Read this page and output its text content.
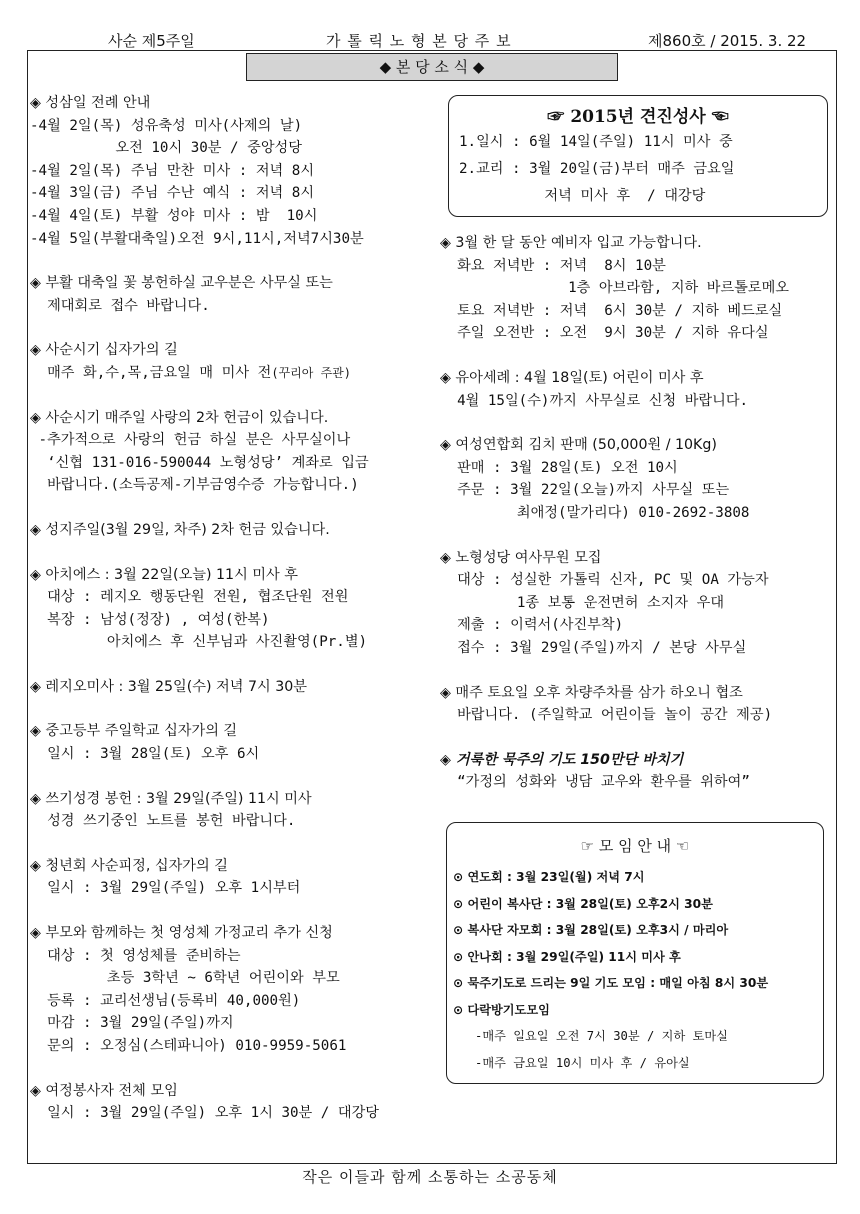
사순 제5주일	가 톨 릭 노 형 본 당 주 보	제860호 / 2015. 3. 22
◆ 본 당 소 식 ◆
◈ 성삼일 전례 안내
-4월 2일(목) 성유축성 미사(사제의 날)
오전 10시 30분 / 중앙성당
-4월 2일(목) 주님 만찬 미사 : 저녁 8시
-4월 3일(금) 주님 수난 예식 : 저녁 8시
-4월 4일(토) 부활 성야 미사 : 밤  10시
-4월 5일(부활대축일)오전 9시,11시,저녁7시30분
◈ 부활 대축일 꽃 봉헌하실 교우분은 사무실 또는
제대회로 접수 바랍니다.
◈ 사순시기 십자가의 길
매주 화,수,목,금요일 매 미사 전(꾸리아 주관)
◈ 사순시기 매주일 사랑의 2차 헌금이 있습니다.
-추가적으로 사랑의 헌금 하실 분은 사무실이나
‘신협 131-016-590044 노형성당’ 계좌로 입금
바랍니다.(소득공제-기부금영수증 가능합니다.)
◈ 성지주일(3월 29일, 차주) 2차 헌금 있습니다.
◈ 아치에스 : 3월 22일(오늘) 11시 미사 후
대상 : 레지오 행동단원 전원, 협조단원 전원
복장 : 남성(정장) , 여성(한복)
아치에스 후 신부님과 사진촬영(Pr.별)
◈ 레지오미사 : 3월 25일(수) 저녁 7시 30분
◈ 중고등부 주일학교 십자가의 길
일시 : 3월 28일(토) 오후 6시
◈ 쓰기성경 봉헌 : 3월 29일(주일) 11시 미사
성경 쓰기중인 노트를 봉헌 바랍니다.
◈ 청년회 사순피정, 십자가의 길
일시 : 3월 29일(주일) 오후 1시부터
◈ 부모와 함께하는 첫 영성체 가정교리 추가 신청
대상 : 첫 영성체를 준비하는
초등 3학년 ~ 6학년 어린이와 부모
등록 : 교리선생님(등록비 40,000원)
마감 : 3월 29일(주일)까지
문의 : 오정심(스테파니아) 010-9959-5061
◈ 여정봉사자 전체 모임
일시 : 3월 29일(주일) 오후 1시 30분 / 대강당
☞ 2015년 견진성사 ☜
1.일시 : 6월 14일(주일) 11시 미사 중
2.교리 : 3월 20일(금)부터 매주 금요일
저녁 미사 후  / 대강당
◈ 3월 한 달 동안 예비자 입교 가능합니다.
화요 저녁반 : 저녁  8시 10분
1층 아브라함, 지하 바르톨로메오
토요 저녁반 : 저녁  6시 30분 / 지하 베드로실
주일 오전반 : 오전  9시 30분 / 지하 유다실
◈ 유아세례 : 4월 18일(토) 어린이 미사 후
4월 15일(수)까지 사무실로 신청 바랍니다.
◈ 여성연합회 김치 판매 (50,000원 / 10Kg)
판매 : 3월 28일(토) 오전 10시
주문 : 3월 22일(오늘)까지 사무실 또는
최애정(말가리다) 010-2692-3808
◈ 노형성당 여사무원 모집
대상 : 성실한 가톨릭 신자, PC 및 OA 가능자
1종 보통 운전면허 소지자 우대
제출 : 이력서(사진부착)
접수 : 3월 29일(주일)까지 / 본당 사무실
◈ 매주 토요일 오후 차량주차를 삼가 하오니 협조
바랍니다. (주일학교 어린이들 놀이 공간 제공)
◈ 거룩한 묵주의 기도 150만단 바치기
“가정의 성화와 냉담 교우와 환우를 위하여”
☞ 모 임 안 내 ☜
⊙ 연도회 : 3월 23일(월) 저녁 7시
⊙ 어린이 복사단 : 3월 28일(토) 오후2시 30분
⊙ 복사단 자모회 : 3월 28일(토) 오후3시 / 마리아
⊙ 안나회 : 3월 29일(주일) 11시 미사 후
⊙ 묵주기도로 드리는 9일 기도 모임 : 매일 아침 8시 30분
⊙ 다락방기도모임
-매주 일요일 오전 7시 30분 / 지하 토마실
-매주 금요일 10시 미사 후 / 유아실
작은 이들과 함께 소통하는 소공동체
